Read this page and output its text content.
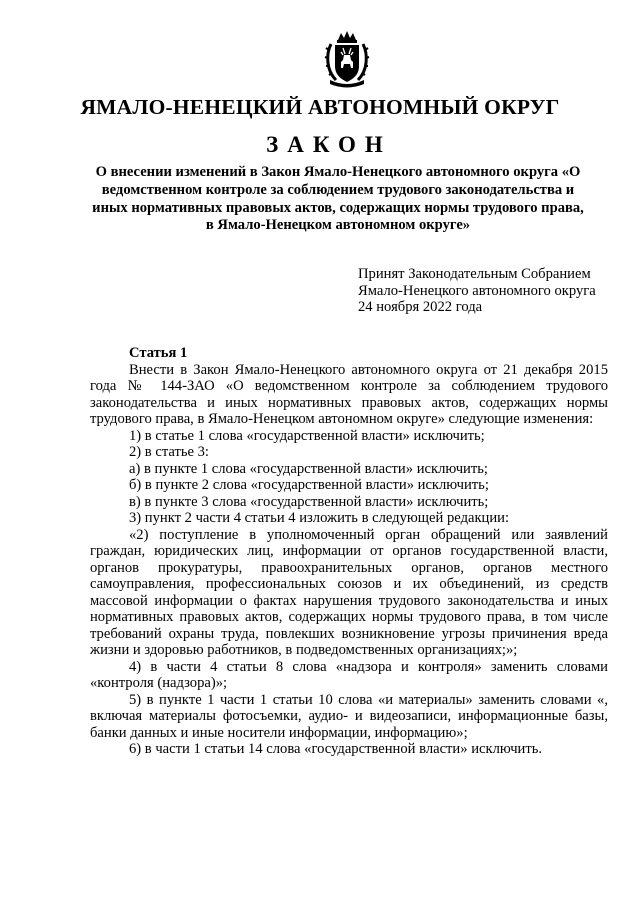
ЯМАЛО-НЕНЕЦКИЙ АВТОНОМНЫЙ ОКРУГ
ЗАКОН
О внесении изменений в Закон Ямало-Ненецкого автономного округа «О ведомственном контроле за соблюдением трудового законодательства и иных нормативных правовых актов, содержащих нормы трудового права, в Ямало-Ненецком автономном округе»
Принят Законодательным Собранием
Ямало-Ненецкого автономного округа
24 ноября 2022 года
Статья 1

Внести в Закон Ямало-Ненецкого автономного округа от 21 декабря 2015 года № 144-ЗАО «О ведомственном контроле за соблюдением трудового законодательства и иных нормативных правовых актов, содержащих нормы трудового права, в Ямало-Ненецком автономном округе» следующие изменения:

1) в статье 1 слова «государственной власти» исключить;

2) в статье 3:

а) в пункте 1 слова «государственной власти» исключить;

б) в пункте 2 слова «государственной власти» исключить;

в) в пункте 3 слова «государственной власти» исключить;

3) пункт 2 части 4 статьи 4 изложить в следующей редакции:

«2) поступление в уполномоченный орган обращений или заявлений граждан, юридических лиц, информации от органов государственной власти, органов прокуратуры, правоохранительных органов, органов местного самоуправления, профессиональных союзов и их объединений, из средств массовой информации о фактах нарушения трудового законодательства и иных нормативных правовых актов, содержащих нормы трудового права, в том числе требований охраны труда, повлекших возникновение угрозы причинения вреда жизни и здоровью работников, в подведомственных организациях;»;

4) в части 4 статьи 8 слова «надзора и контроля» заменить словами «контроля (надзора)»;

5) в пункте 1 части 1 статьи 10 слова «и материалы» заменить словами «, включая материалы фотосъемки, аудио- и видеозаписи, информационные базы, банки данных и иные носители информации, информацию»;

6) в части 1 статьи 14 слова «государственной власти» исключить.
